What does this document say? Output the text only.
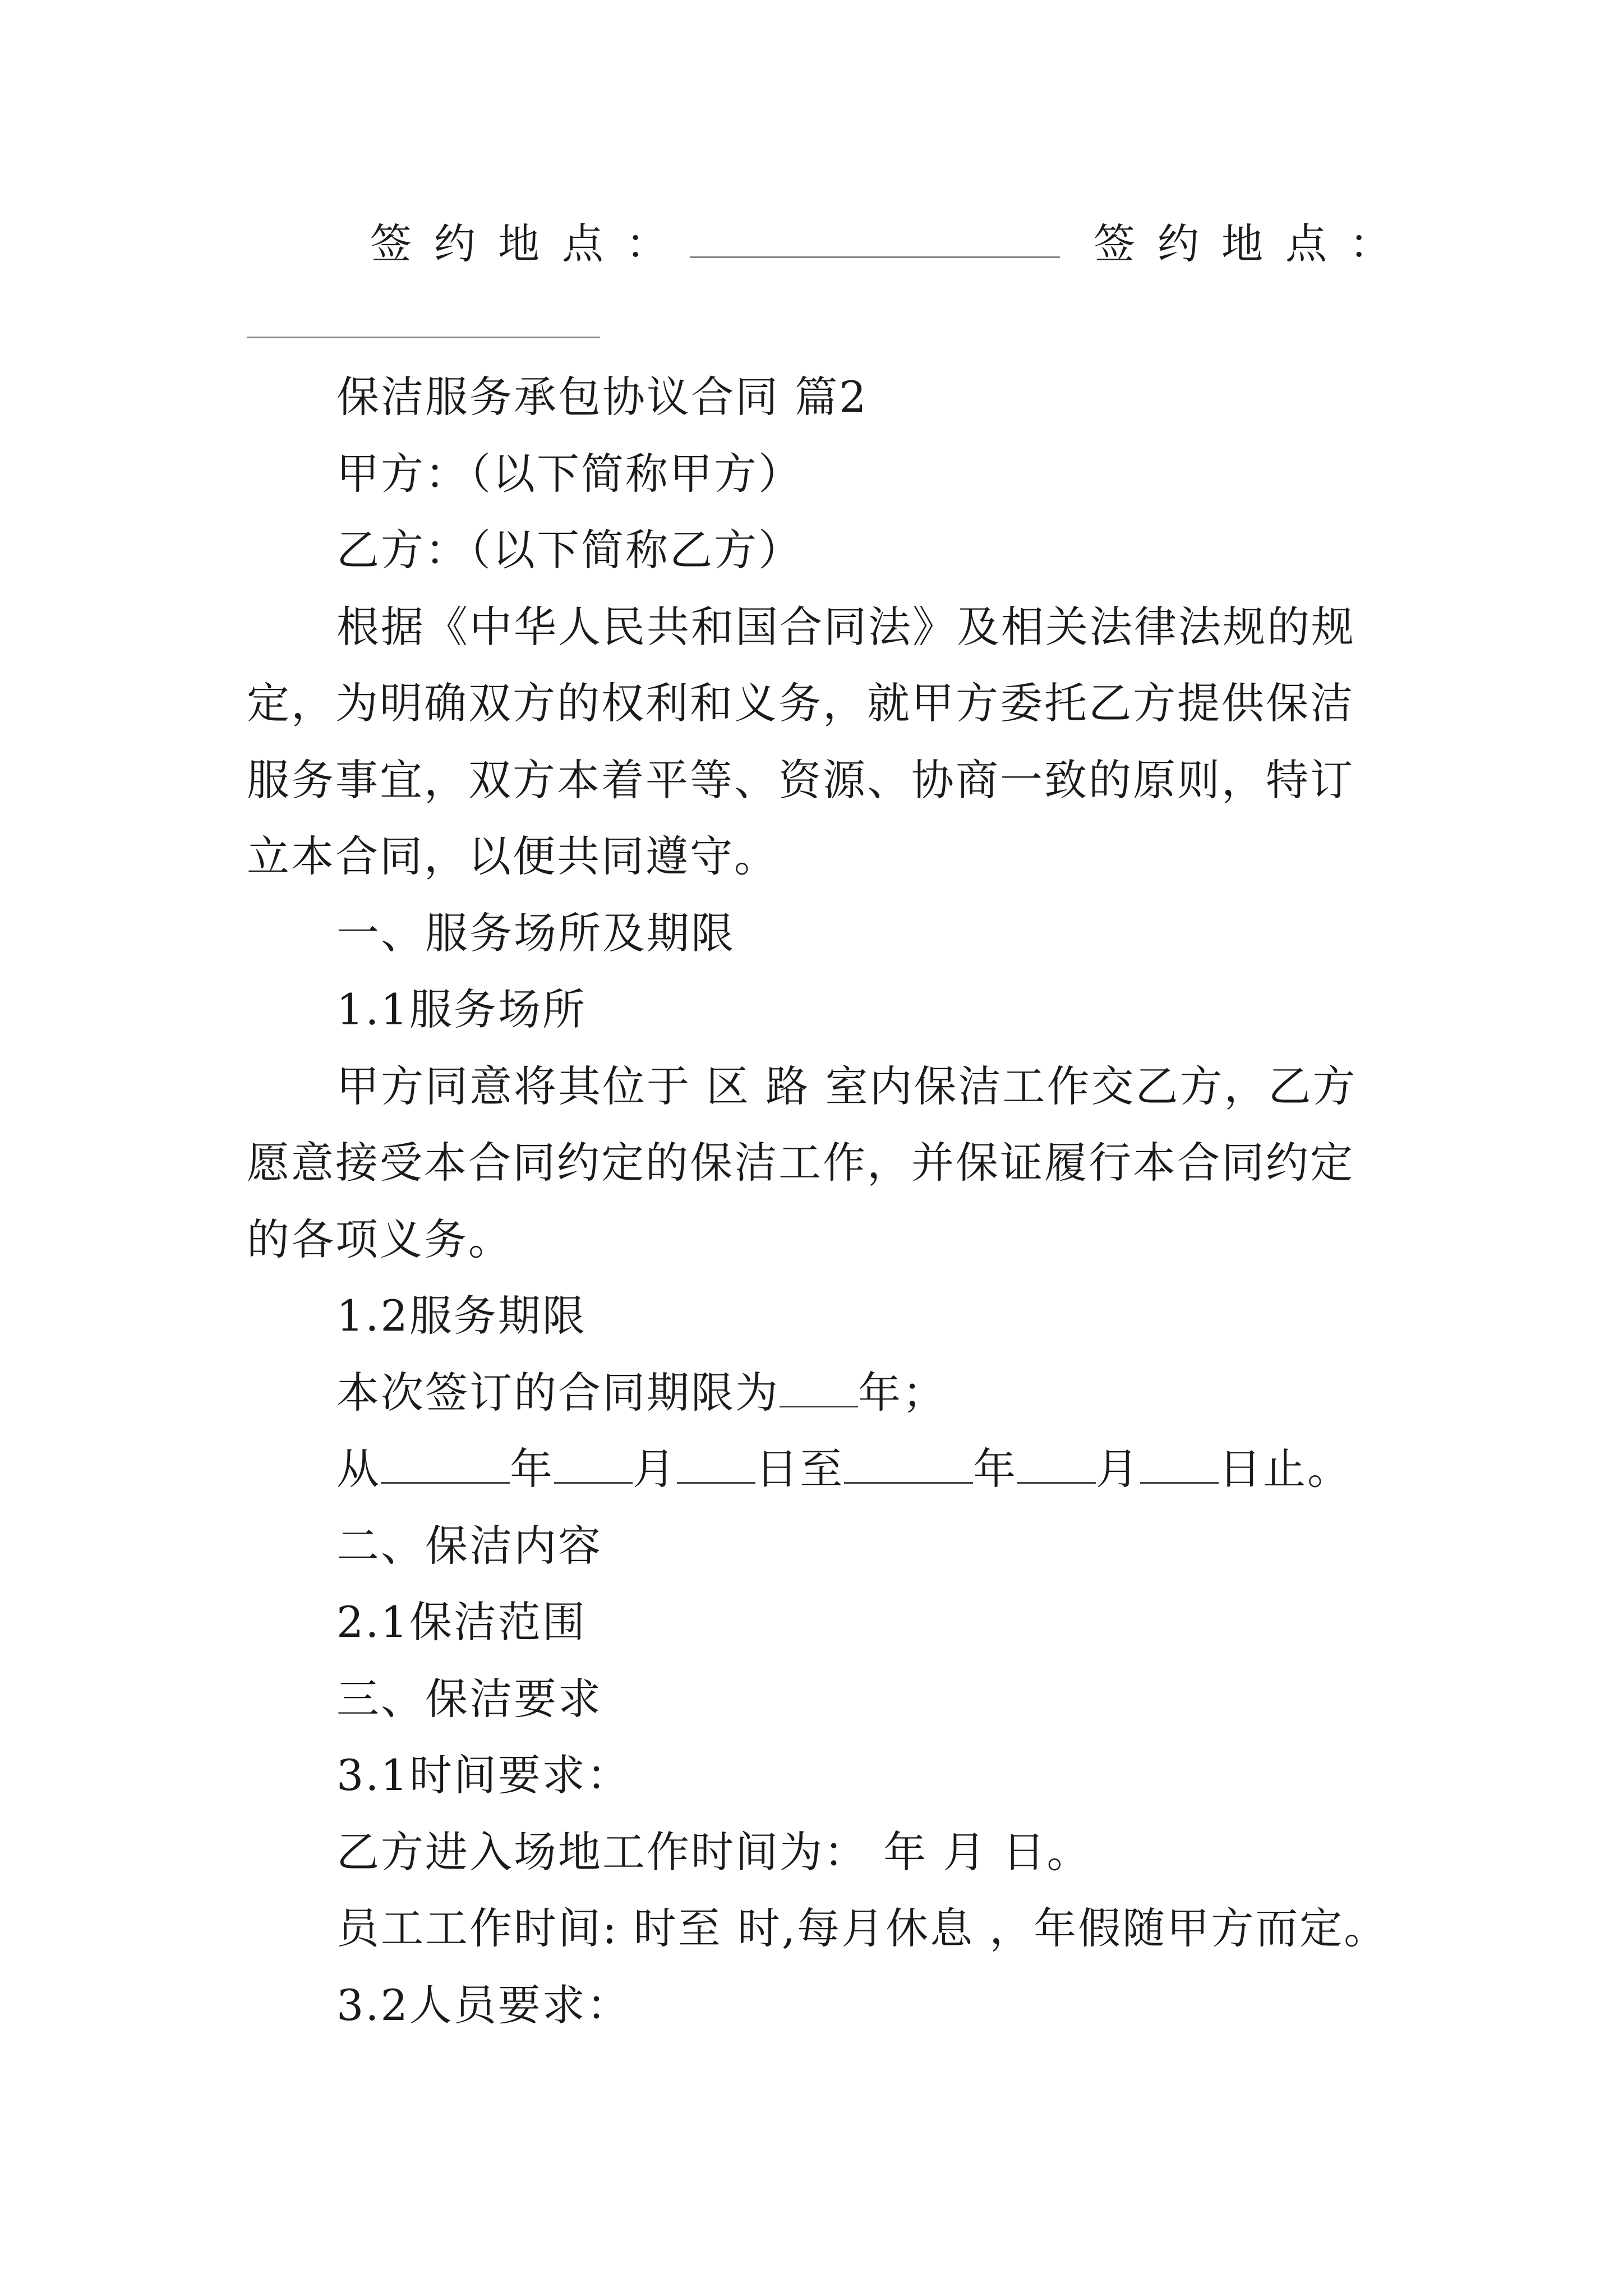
签约地点：	签约地点：

保洁服务承包协议合同 篇2

甲方：（以下简称甲方）

乙方：（以下简称乙方）

根据《中华人民共和国合同法》及相关法律法规的规定，为明确双方的权利和义务，就甲方委托乙方提供保洁服务事宜，双方本着平等、资源、协商一致的原则，特订立本合同，以便共同遵守。

一、服务场所及期限

1.1服务场所

甲方同意将其位于 区 路 室内保洁工作交乙方，乙方愿意接受本合同约定的保洁工作，并保证履行本合同约定的各项义务。

1.2服务期限

本次签订的合同期限为 年；

从	年 月 日至	年 月 日止。

二、保洁内容

2.1保洁范围

三、保洁要求

3.1时间要求：

乙方进入场地工作时间为： 年 月 日。

员工工作时间: 时至 时,每月休息 ，年假随甲方而定。

3.2人员要求：
